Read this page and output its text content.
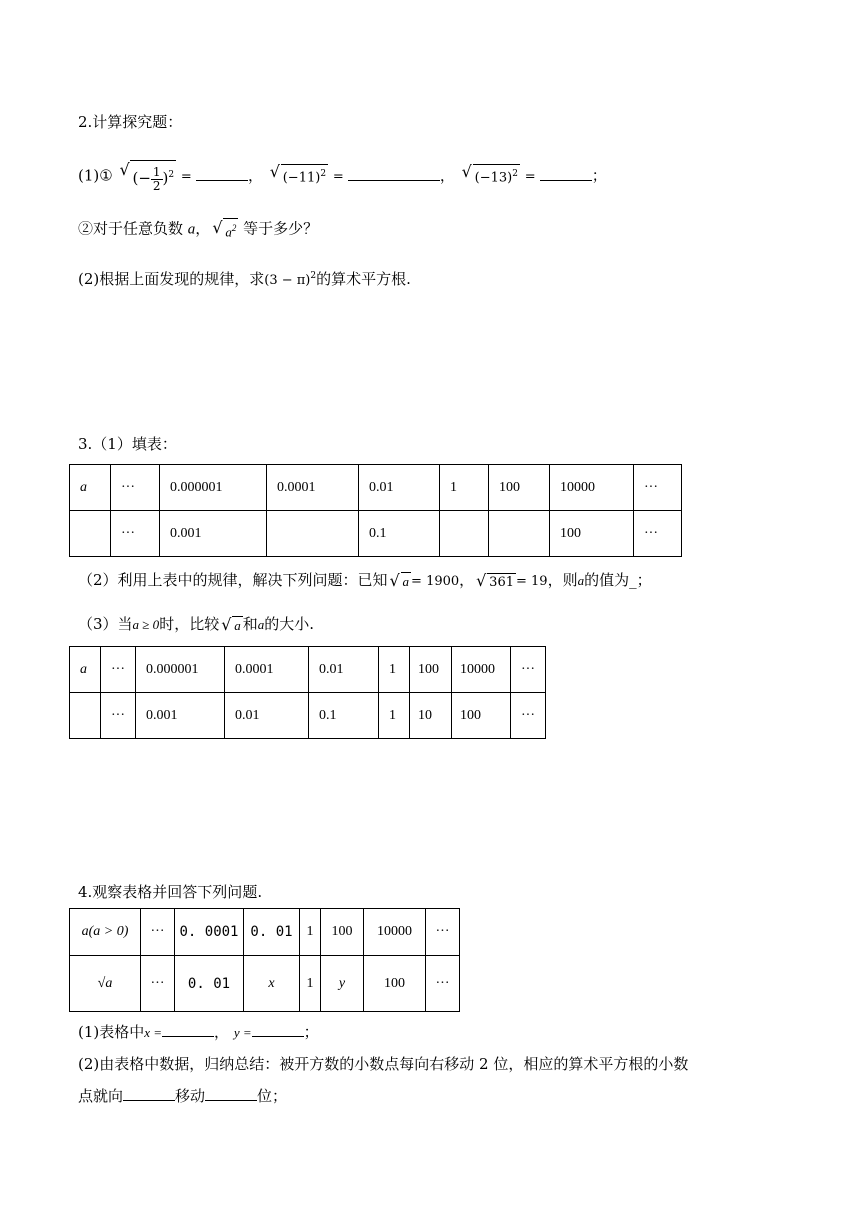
2.计算探究题：
(1)① √ (− $\frac{1}{2} )^2$ =	， √ $(-11)^2$ =	， √ $(-13)^2$ =	；
②对于任意负数 a， √ $a^2$ 等于多少？
(2)根据上面发现的规律，求$(3 - \pi)^2$的算术平方根.
3.（1）填表：
a	···	0.000001	0.0001	0.01	1	100	10000	···
	···	0.001		0.1			100	···
（2）利用上表中的规律，解决下列问题：已知 √ a = 1900， √ 361 = 19，则a的值为_；
（3）当a ≥ 0时，比较 √ a 和a的大小.
a	···	0.000001	0.0001	0.01	1	100	10000	···
	···	0.001	0.01	0.1	1	10	100	···
4.观察表格并回答下列问题.
a(a > 0)	···	0. 0001	0. 01	1	100	10000	···
√a	···	0. 01	x	1	y	100	···
(1)表格中x =	， y =	；
(2)由表格中数据，归纳总结：被开方数的小数点每向右移动 2 位，相应的算术平方根的小数
点就向	移动	位；
